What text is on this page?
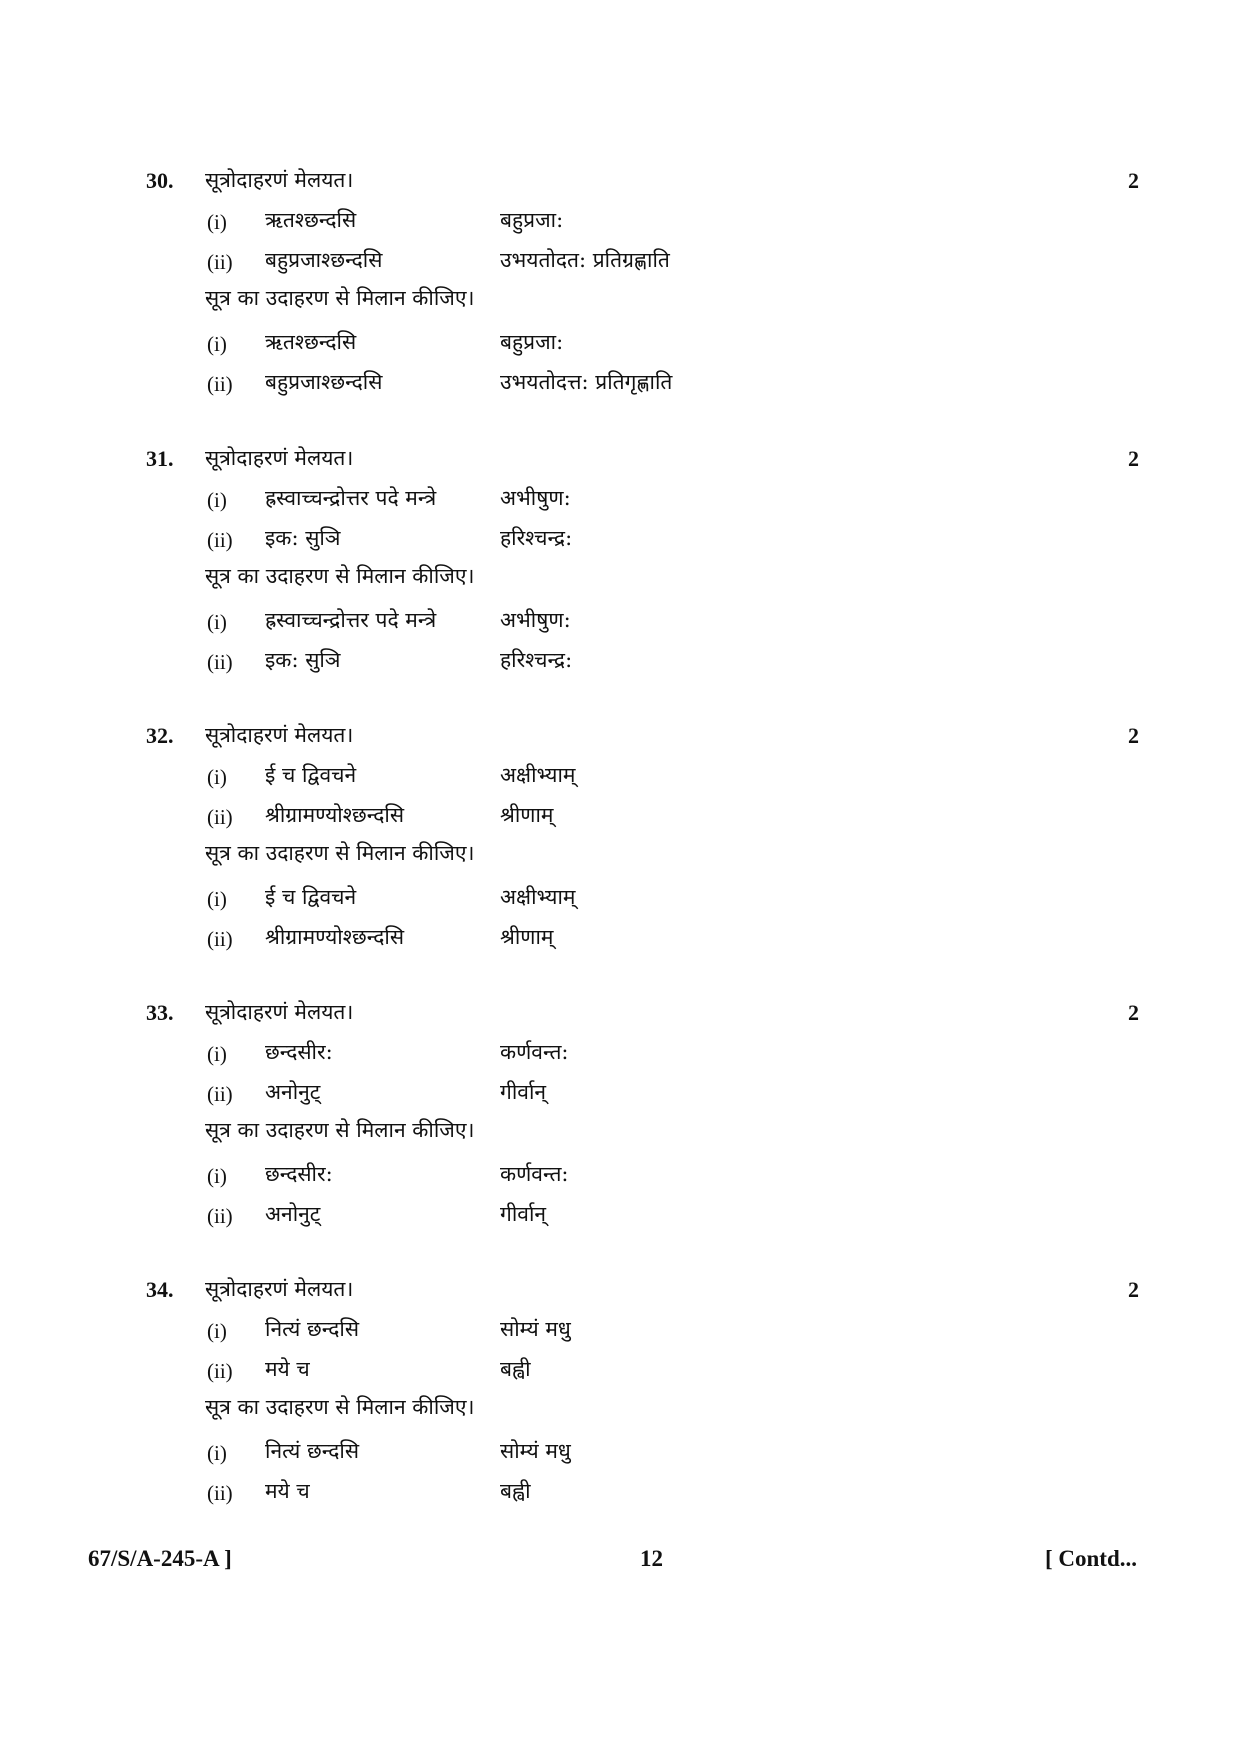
30. सूत्रोदाहरणं मेलयत।	2
(i) ऋतश्छन्दसि	बहुप्रजा:
(ii) बहुप्रजाश्छन्दसि	उभयतोदत: प्रतिग्रह्णाति
सूत्र का उदाहरण से मिलान कीजिए।
(i) ऋतश्छन्दसि	बहुप्रजा:
(ii) बहुप्रजाश्छन्दसि	उभयतोदत्त: प्रतिगृह्णाति
31. सूत्रोदाहरणं मेलयत।	2
(i) ह्रस्वाच्चन्द्रोत्तर पदे मन्त्रे	अभीषुण:
(ii) इक: सुञि	हरिश्चन्द्र:
सूत्र का उदाहरण से मिलान कीजिए।
(i) ह्रस्वाच्चन्द्रोत्तर पदे मन्त्रे	अभीषुण:
(ii) इक: सुञि	हरिश्चन्द्र:
32. सूत्रोदाहरणं मेलयत।	2
(i) ई च द्विवचने	अक्षीभ्याम्
(ii) श्रीग्रामण्योश्छन्दसि	श्रीणाम्
सूत्र का उदाहरण से मिलान कीजिए।
(i) ई च द्विवचने	अक्षीभ्याम्
(ii) श्रीग्रामण्योश्छन्दसि	श्रीणाम्
33. सूत्रोदाहरणं मेलयत।	2
(i) छन्दसीर:	कर्णवन्त:
(ii) अनोनुट्	गीर्वान्
सूत्र का उदाहरण से मिलान कीजिए।
(i) छन्दसीर:	कर्णवन्त:
(ii) अनोनुट्	गीर्वान्
34. सूत्रोदाहरणं मेलयत।	2
(i) नित्यं छन्दसि	सोम्यं मधु
(ii) मये च	बह्वी
सूत्र का उदाहरण से मिलान कीजिए।
(i) नित्यं छन्दसि	सोम्यं मधु
(ii) मये च	बह्वी
67/S/A-245-A ]	12	[ Contd...
